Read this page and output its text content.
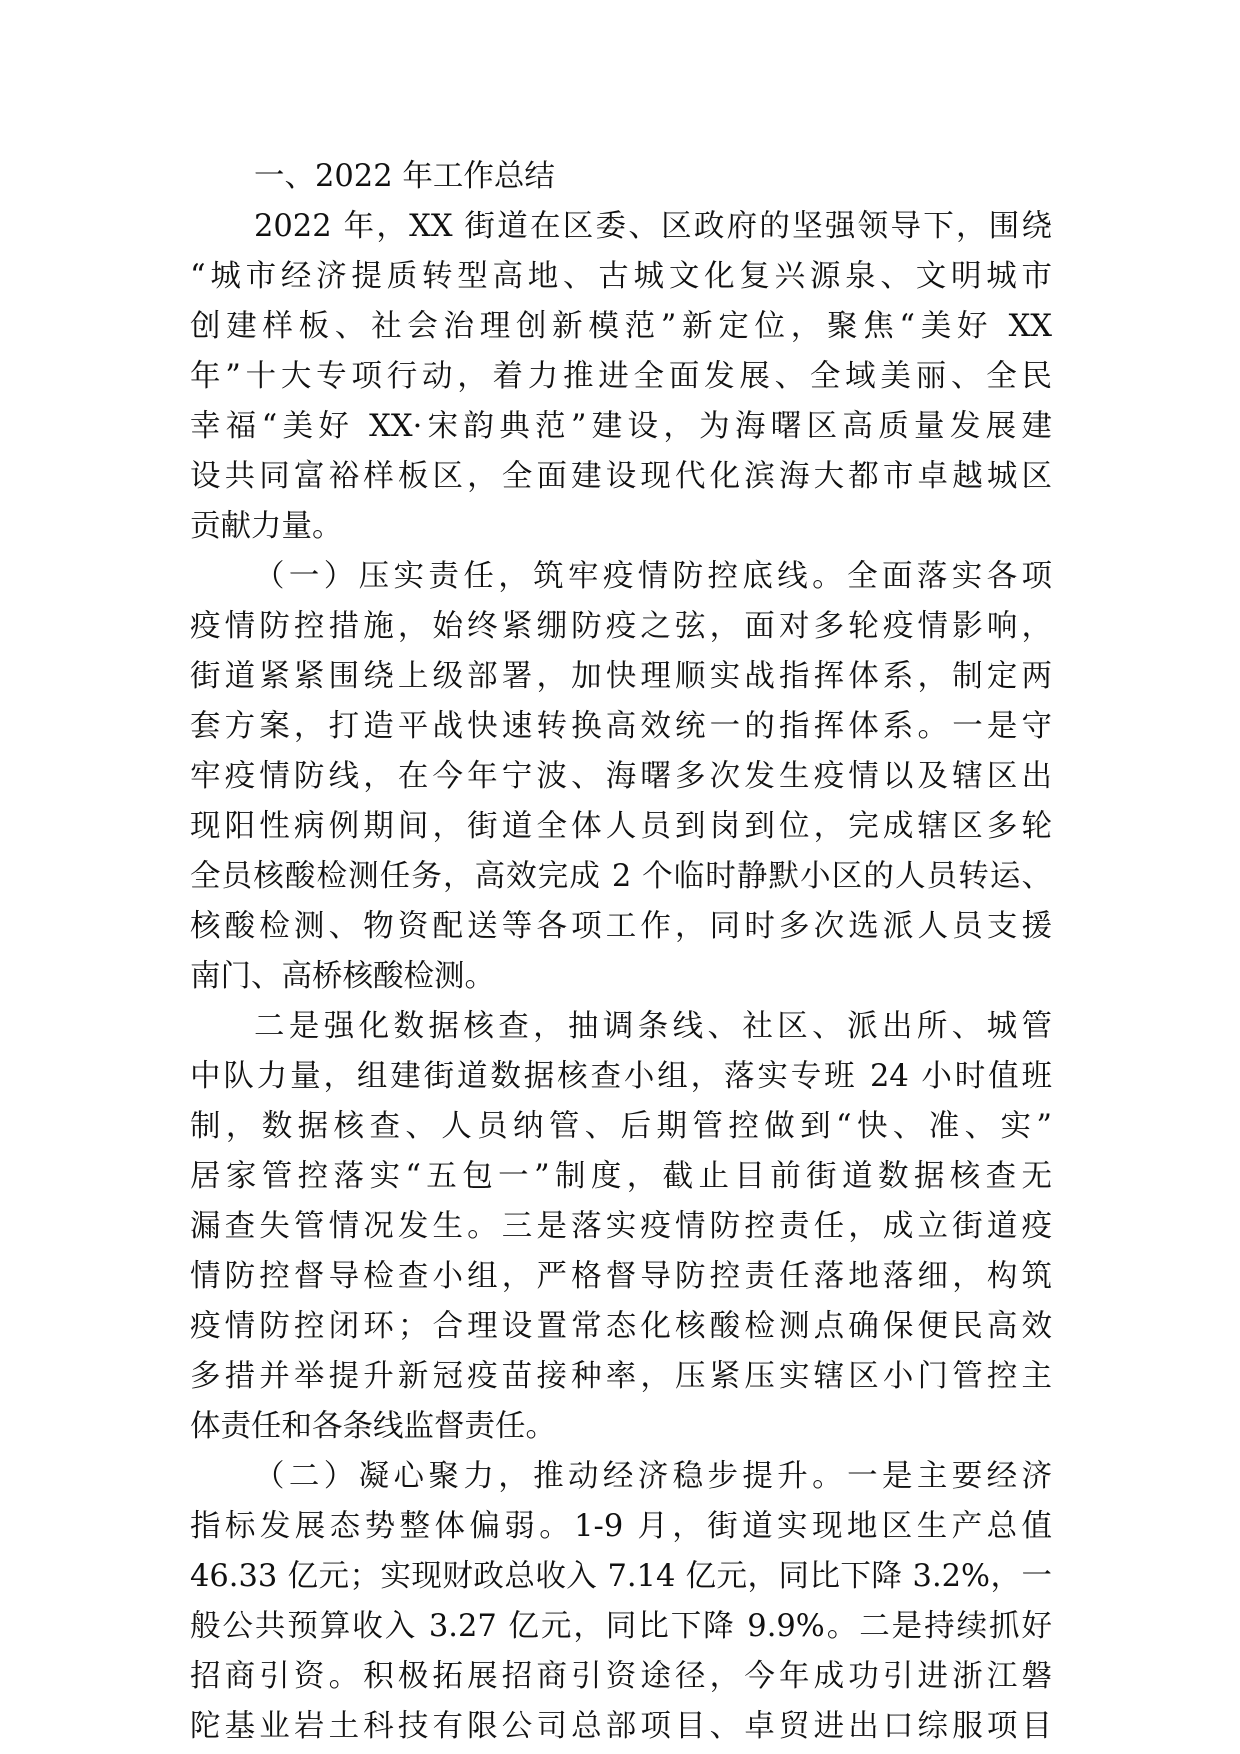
一、2022 年工作总结
2022 年，XX 街道在区委、区政府的坚强领导下，围绕
“城市经济提质转型高地、古城文化复兴源泉、文明城市
创建样板、社会治理创新模范”新定位，聚焦“美好 XX
年”十大专项行动，着力推进全面发展、全域美丽、全民
幸福“美好 XX·宋韵典范”建设，为海曙区高质量发展建
设共同富裕样板区，全面建设现代化滨海大都市卓越城区
贡献力量。
（一）压实责任，筑牢疫情防控底线。全面落实各项
疫情防控措施，始终紧绷防疫之弦，面对多轮疫情影响，
街道紧紧围绕上级部署，加快理顺实战指挥体系，制定两
套方案，打造平战快速转换高效统一的指挥体系。一是守
牢疫情防线，在今年宁波、海曙多次发生疫情以及辖区出
现阳性病例期间，街道全体人员到岗到位，完成辖区多轮
全员核酸检测任务，高效完成 2 个临时静默小区的人员转运、
核酸检测、物资配送等各项工作，同时多次选派人员支援
南门、高桥核酸检测。
二是强化数据核查，抽调条线、社区、派出所、城管
中队力量，组建街道数据核查小组，落实专班 24 小时值班
制，数据核查、人员纳管、后期管控做到“快、准、实”
居家管控落实“五包一”制度，截止目前街道数据核查无
漏查失管情况发生。三是落实疫情防控责任，成立街道疫
情防控督导检查小组，严格督导防控责任落地落细，构筑
疫情防控闭环；合理设置常态化核酸检测点确保便民高效
多措并举提升新冠疫苗接种率，压紧压实辖区小门管控主
体责任和各条线监督责任。
（二）凝心聚力，推动经济稳步提升。一是主要经济
指标发展态势整体偏弱。1-9 月，街道实现地区生产总值
46.33 亿元；实现财政总收入 7.14 亿元，同比下降 3.2%，一
般公共预算收入 3.27 亿元，同比下降 9.9%。二是持续抓好
招商引资。积极拓展招商引资途径，今年成功引进浙江磐
陀基业岩土科技有限公司总部项目、卓贸进出口综服项目
